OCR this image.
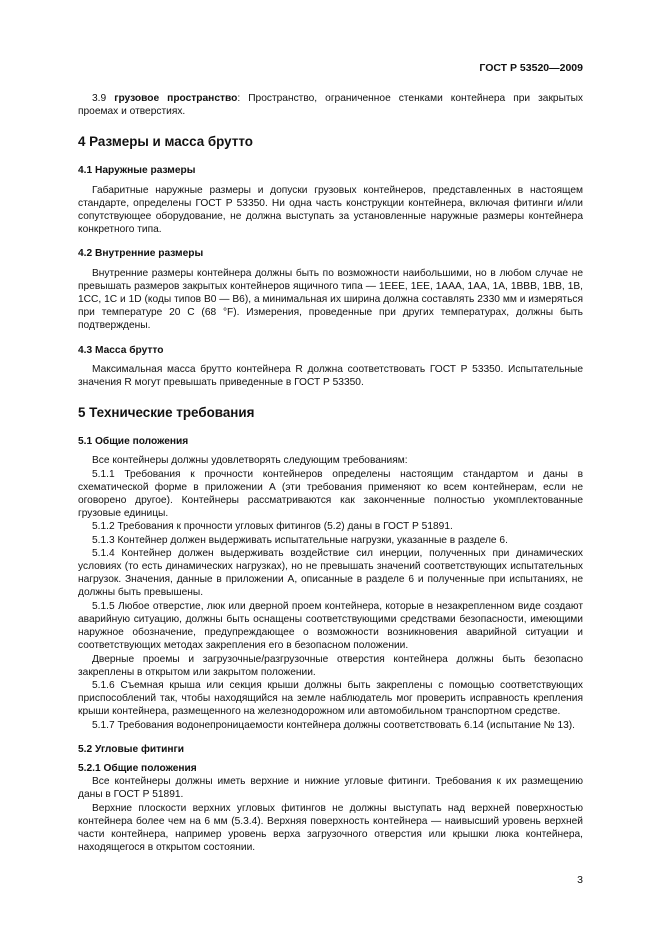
ГОСТ Р 53520—2009

3.9 грузовое пространство: Пространство, ограниченное стенками контейнера при закрытых проемах и отверстиях.

4 Размеры и масса брутто
4.1 Наружные размеры

Габаритные наружные размеры и допуски грузовых контейнеров, представленных в настоящем стандарте, определены ГОСТ Р 53350. Ни одна часть конструкции контейнера, включая фитинги и/или сопутствующее оборудование, не должна выступать за установленные наружные размеры контейнера конкретного типа.

4.2 Внутренние размеры

Внутренние размеры контейнера должны быть по возможности наибольшими, но в любом случае не превышать размеров закрытых контейнеров ящичного типа — 1EEE, 1EE, 1AAA, 1AA, 1A, 1BBB, 1BB, 1B, 1CC, 1C и 1D (коды типов B0 — B6), а минимальная их ширина должна составлять 2330 мм и измеряться при температуре 20 C (68 °F). Измерения, проведенные при других температурах, должны быть подтверждены.

4.3 Масса брутто

Максимальная масса брутто контейнера R должна соответствовать ГОСТ Р 53350. Испытательные значения R могут превышать приведенные в ГОСТ Р 53350.

5 Технические требования
5.1 Общие положения

Все контейнеры должны удовлетворять следующим требованиям:

5.1.1 Требования к прочности контейнеров определены настоящим стандартом и даны в схематической форме в приложении А (эти требования применяют ко всем контейнерам, если не оговорено другое). Контейнеры рассматриваются как законченные полностью укомплектованные грузовые единицы.

5.1.2 Требования к прочности угловых фитингов (5.2) даны в ГОСТ Р 51891.

5.1.3 Контейнер должен выдерживать испытательные нагрузки, указанные в разделе 6.

5.1.4 Контейнер должен выдерживать воздействие сил инерции, полученных при динамических условиях (то есть динамических нагрузках), но не превышать значений соответствующих испытательных нагрузок. Значения, данные в приложении А, описанные в разделе 6 и полученные при испытаниях, не должны быть превышены.

5.1.5 Любое отверстие, люк или дверной проем контейнера, которые в незакрепленном виде создают аварийную ситуацию, должны быть оснащены соответствующими средствами безопасности, имеющими наружное обозначение, предупреждающее о возможности возникновения аварийной ситуации и соответствующих методах закрепления его в безопасном положении.

Дверные проемы и загрузочные/разгрузочные отверстия контейнера должны быть безопасно закреплены в открытом или закрытом положении.

5.1.6 Съемная крыша или секция крыши должны быть закреплены с помощью соответствующих приспособлений так, чтобы находящийся на земле наблюдатель мог проверить исправность крепления крыши контейнера, размещенного на железнодорожном или автомобильном транспортном средстве.

5.1.7 Требования водонепроницаемости контейнера должны соответствовать 6.14 (испытание № 13).

5.2 Угловые фитинги
5.2.1 Общие положения

Все контейнеры должны иметь верхние и нижние угловые фитинги. Требования к их размещению даны в ГОСТ Р 51891.

Верхние плоскости верхних угловых фитингов не должны выступать над верхней поверхностью контейнера более чем на 6 мм (5.3.4). Верхняя поверхность контейнера — наивысший уровень верхней части контейнера, например уровень верха загрузочного отверстия или крышки люка контейнера, находящегося в открытом состоянии.

3
